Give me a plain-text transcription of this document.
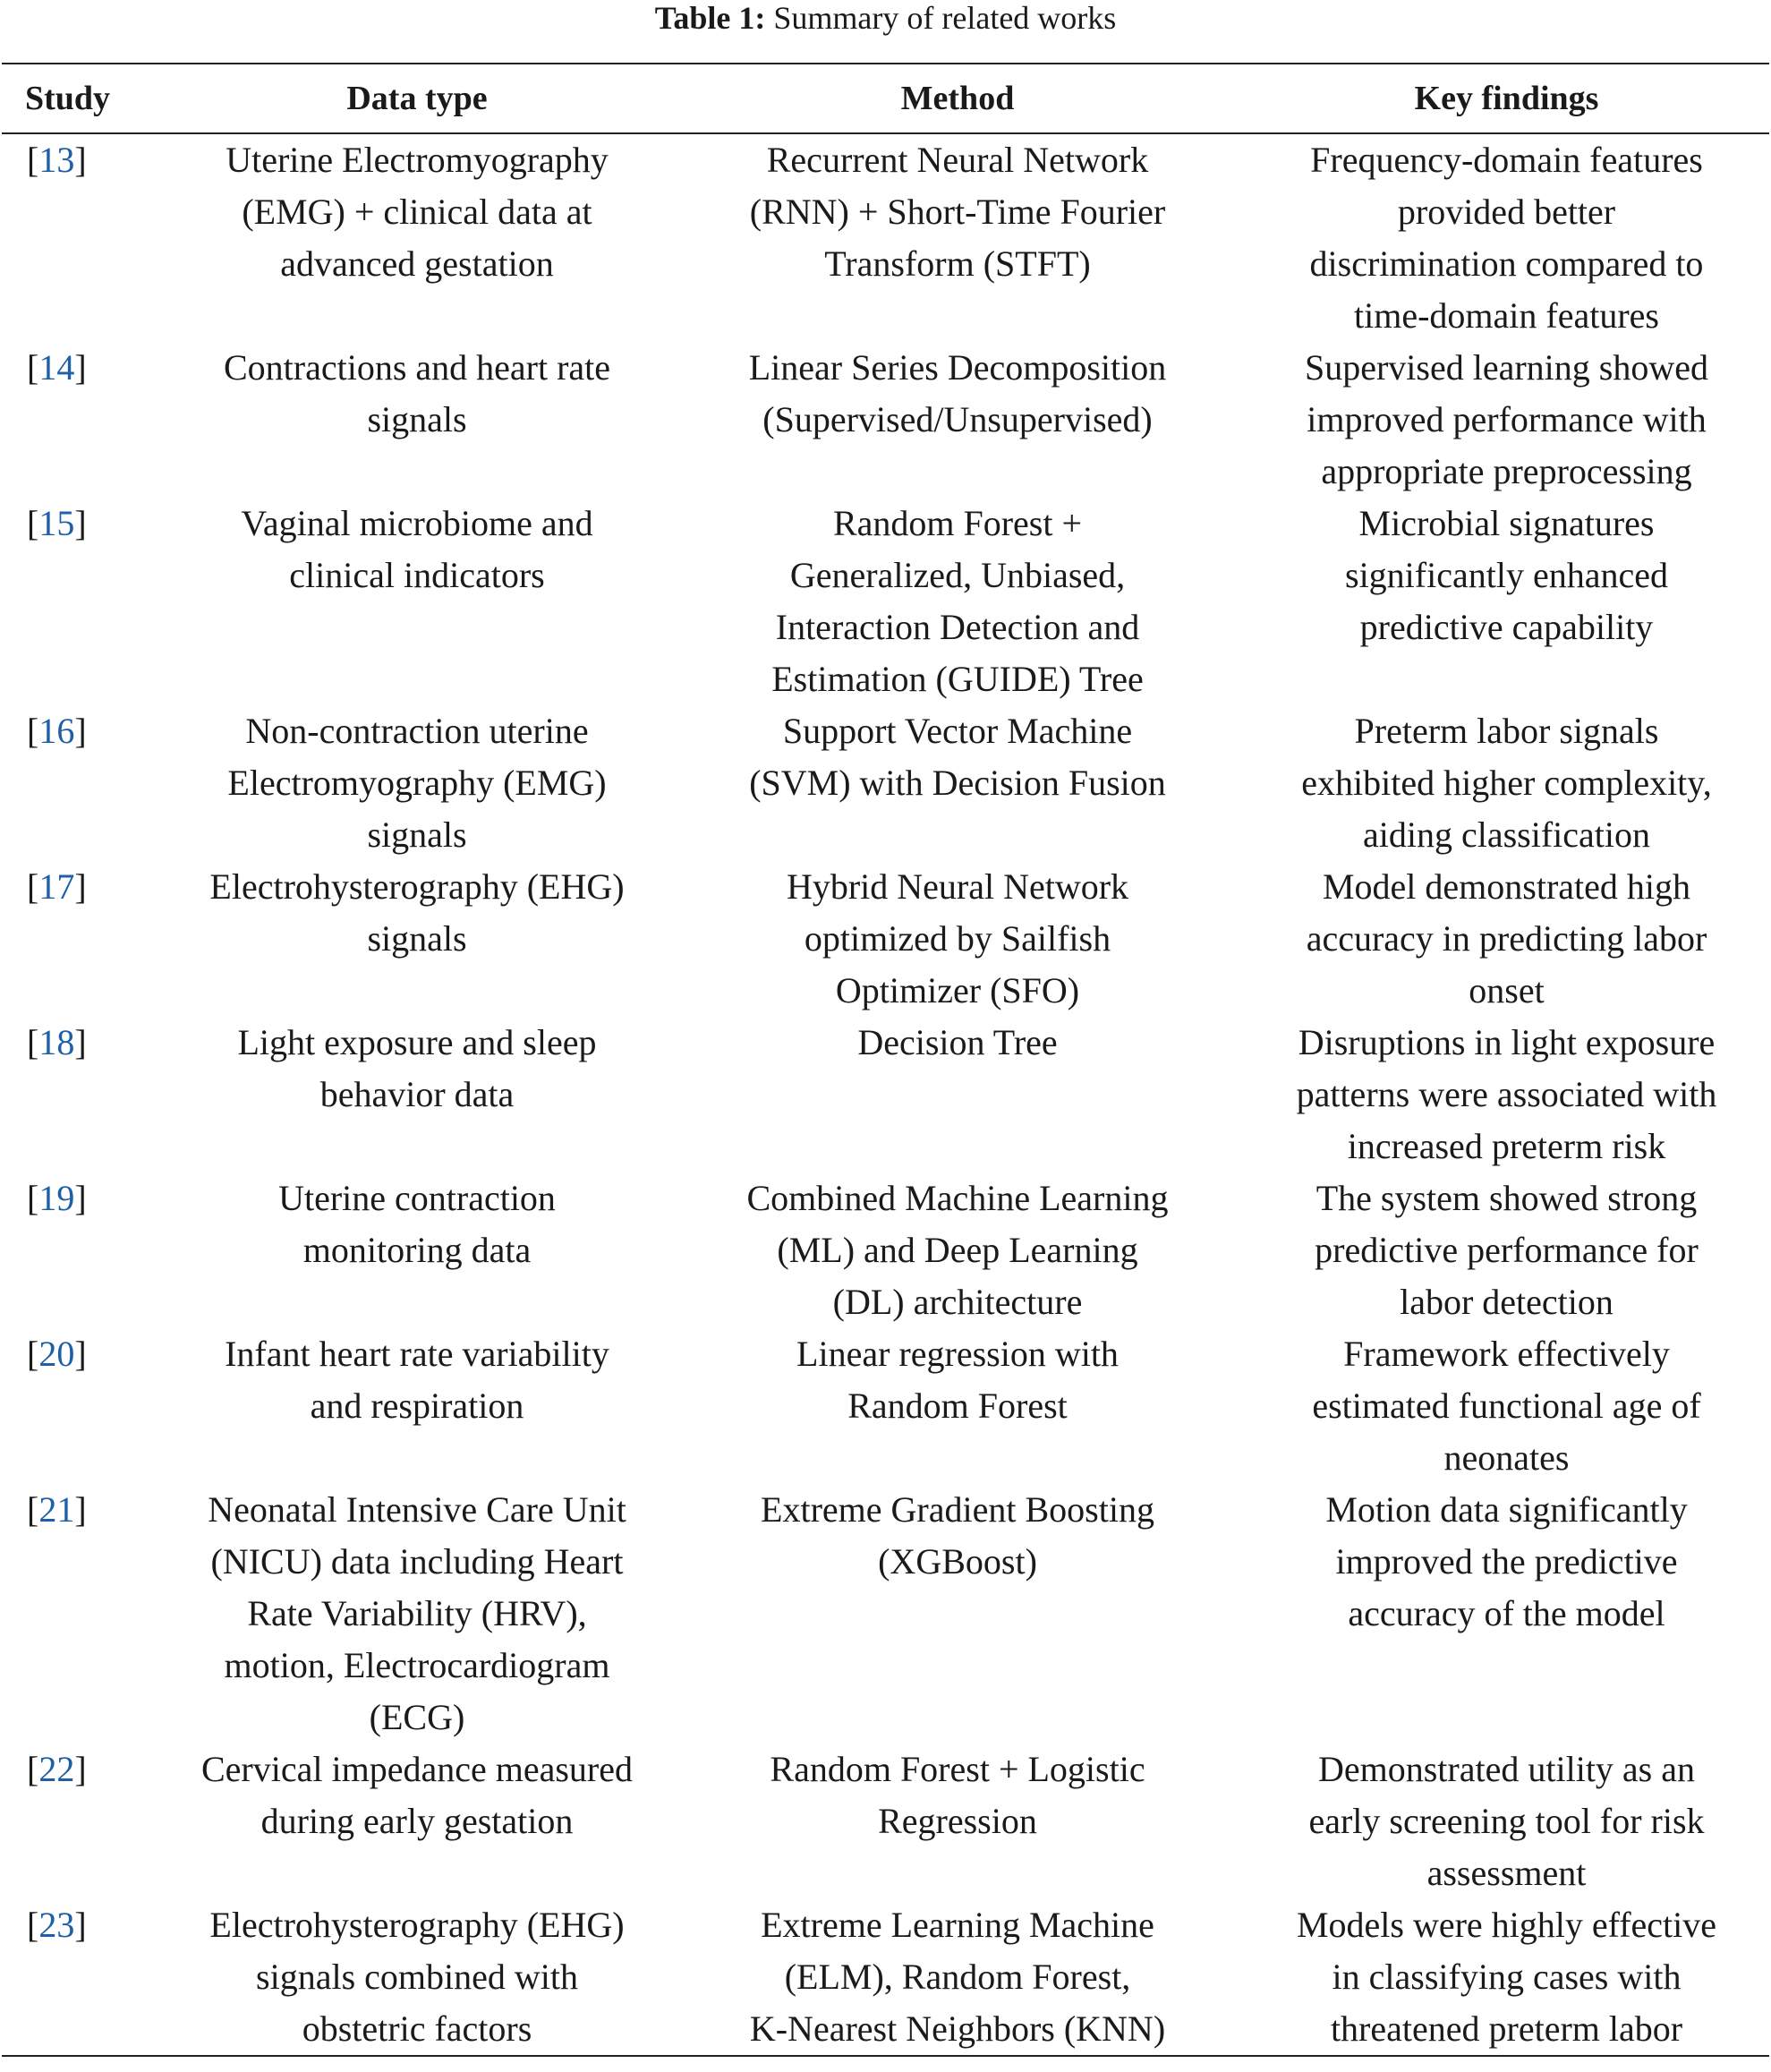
Table 1: Summary of related works
Study	Data type	Method	Key findings
[13]	Uterine Electromyography
(EMG) + clinical data at
advanced gestation	Recurrent Neural Network
(RNN) + Short-Time Fourier
Transform (STFT)	Frequency-domain features
provided better
discrimination compared to
time-domain features
[14]	Contractions and heart rate
signals	Linear Series Decomposition
(Supervised/Unsupervised)	Supervised learning showed
improved performance with
appropriate preprocessing
[15]	Vaginal microbiome and
clinical indicators	Random Forest +
Generalized, Unbiased,
Interaction Detection and
Estimation (GUIDE) Tree	Microbial signatures
significantly enhanced
predictive capability
[16]	Non-contraction uterine
Electromyography (EMG)
signals	Support Vector Machine
(SVM) with Decision Fusion	Preterm labor signals
exhibited higher complexity,
aiding classification
[17]	Electrohysterography (EHG)
signals	Hybrid Neural Network
optimized by Sailfish
Optimizer (SFO)	Model demonstrated high
accuracy in predicting labor
onset
[18]	Light exposure and sleep
behavior data	Decision Tree	Disruptions in light exposure
patterns were associated with
increased preterm risk
[19]	Uterine contraction
monitoring data	Combined Machine Learning
(ML) and Deep Learning
(DL) architecture	The system showed strong
predictive performance for
labor detection
[20]	Infant heart rate variability
and respiration	Linear regression with
Random Forest	Framework effectively
estimated functional age of
neonates
[21]	Neonatal Intensive Care Unit
(NICU) data including Heart
Rate Variability (HRV),
motion, Electrocardiogram
(ECG)	Extreme Gradient Boosting
(XGBoost)	Motion data significantly
improved the predictive
accuracy of the model
[22]	Cervical impedance measured
during early gestation	Random Forest + Logistic
Regression	Demonstrated utility as an
early screening tool for risk
assessment
[23]	Electrohysterography (EHG)
signals combined with
obstetric factors	Extreme Learning Machine
(ELM), Random Forest,
K-Nearest Neighbors (KNN)	Models were highly effective
in classifying cases with
threatened preterm labor
